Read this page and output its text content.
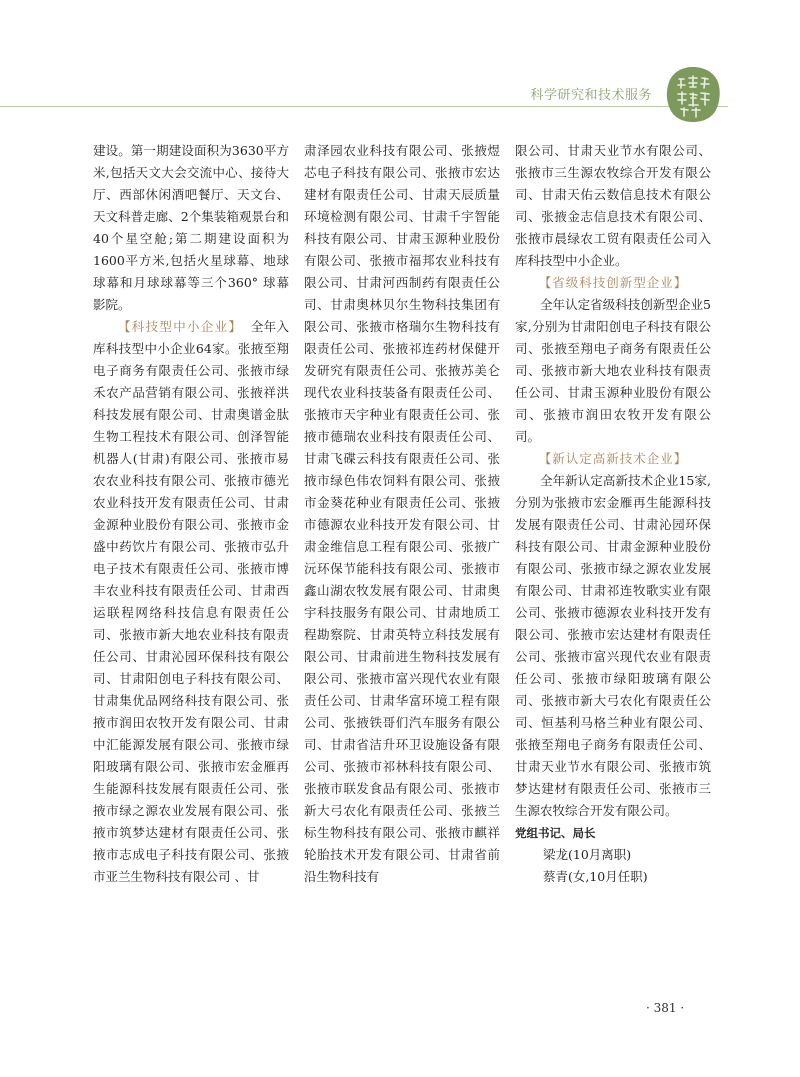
科学研究和技术服务

建设。第一期建设面积为3630平方米,包括天文大会交流中心、接待大厅、西部休闲酒吧餐厅、天文台、天文科普走廊、2个集装箱观景台和40个星空舱;第二期建设面积为1600平方米,包括火星球幕、地球球幕和月球球幕等三个360° 球幕影院。

【科技型中小企业】 全年入库科技型中小企业64家。张掖至翔电子商务有限责任公司、张掖市绿禾农产品营销有限公司、张掖祥洪科技发展有限公司、甘肃奥谱金肽生物工程技术有限公司、创泽智能机器人(甘肃)有限公司、张掖市易农农业科技有限公司、张掖市德光农业科技开发有限责任公司、甘肃金源种业股份有限公司、张掖市金盛中药饮片有限公司、张掖市弘升电子技术有限责任公司、张掖市博丰农业科技有限责任公司、甘肃西运联程网络科技信息有限责任公司、张掖市新大地农业科技有限责任公司、甘肃沁园环保科技有限公司、甘肃阳创电子科技有限公司、甘肃集优品网络科技有限公司、张掖市润田农牧开发有限公司、甘肃中汇能源发展有限公司、张掖市绿阳玻璃有限公司、张掖市宏金雁再生能源科技发展有限责任公司、张掖市绿之源农业发展有限公司、张掖市筑梦达建材有限责任公司、张掖市志成电子科技有限公司、张掖市亚兰生物科技有限公司 、甘

肃泽园农业科技有限公司、张掖煜芯电子科技有限公司、张掖市宏达建材有限责任公司、甘肃天辰质量环境检测有限公司、甘肃千宇智能科技有限公司、甘肃玉源种业股份有限公司、张掖市福邦农业科技有限公司、甘肃河西制药有限责任公司、甘肃奥林贝尔生物科技集团有限公司、张掖市格瑞尔生物科技有限责任公司、张掖祁连药材保健开发研究有限责任公司、张掖苏美仑现代农业科技装备有限责任公司、张掖市天宇种业有限责任公司、张掖市德瑞农业科技有限责任公司、甘肃飞碟云科技有限责任公司、张掖市绿色伟农饲料有限公司、张掖市金葵花种业有限责任公司、张掖市德源农业科技开发有限公司、甘肃金维信息工程有限公司、张掖广沅环保节能科技有限公司、张掖市鑫山湖农牧发展有限公司、甘肃奥宇科技服务有限公司、甘肃地质工程勘察院、甘肃英特立科技发展有限公司、甘肃前进生物科技发展有限公司、张掖市富兴现代农业有限责任公司、甘肃华富环境工程有限公司、张掖铁哥们汽车服务有限公司、甘肃省洁升环卫设施设备有限公司、张掖市祁林科技有限公司、张掖市联发食品有限公司、张掖市新大弓农化有限责任公司、张掖兰标生物科技有限公司、张掖市麒祥轮胎技术开发有限公司、甘肃省前沿生物科技有

限公司、甘肃天业节水有限公司、张掖市三生源农牧综合开发有限公司、甘肃天佑云数信息技术有限公司、张掖金志信息技术有限公司、张掖市晨绿农工贸有限责任公司入库科技型中小企业。

【省级科技创新型企业】

全年认定省级科技创新型企业5家,分别为甘肃阳创电子科技有限公司、张掖至翔电子商务有限责任公司、张掖市新大地农业科技有限责任公司、甘肃玉源种业股份有限公司、张掖市润田农牧开发有限公司。

【新认定高新技术企业】

全年新认定高新技术企业15家,分别为张掖市宏金雁再生能源科技发展有限责任公司、甘肃沁园环保科技有限公司、甘肃金源种业股份有限公司、张掖市绿之源农业发展有限公司、甘肃祁连牧歌实业有限公司、张掖市德源农业科技开发有限公司、张掖市宏达建材有限责任公司、张掖市富兴现代农业有限责任公司、张掖市绿阳玻璃有限公司、张掖市新大弓农化有限责任公司、恒基利马格兰种业有限公司、张掖至翔电子商务有限责任公司、甘肃天业节水有限公司、张掖市筑梦达建材有限责任公司、张掖市三生源农牧综合开发有限公司。

党组书记、局长

梁龙(10月离职)

蔡青(女,10月任职)

· 381 ·
